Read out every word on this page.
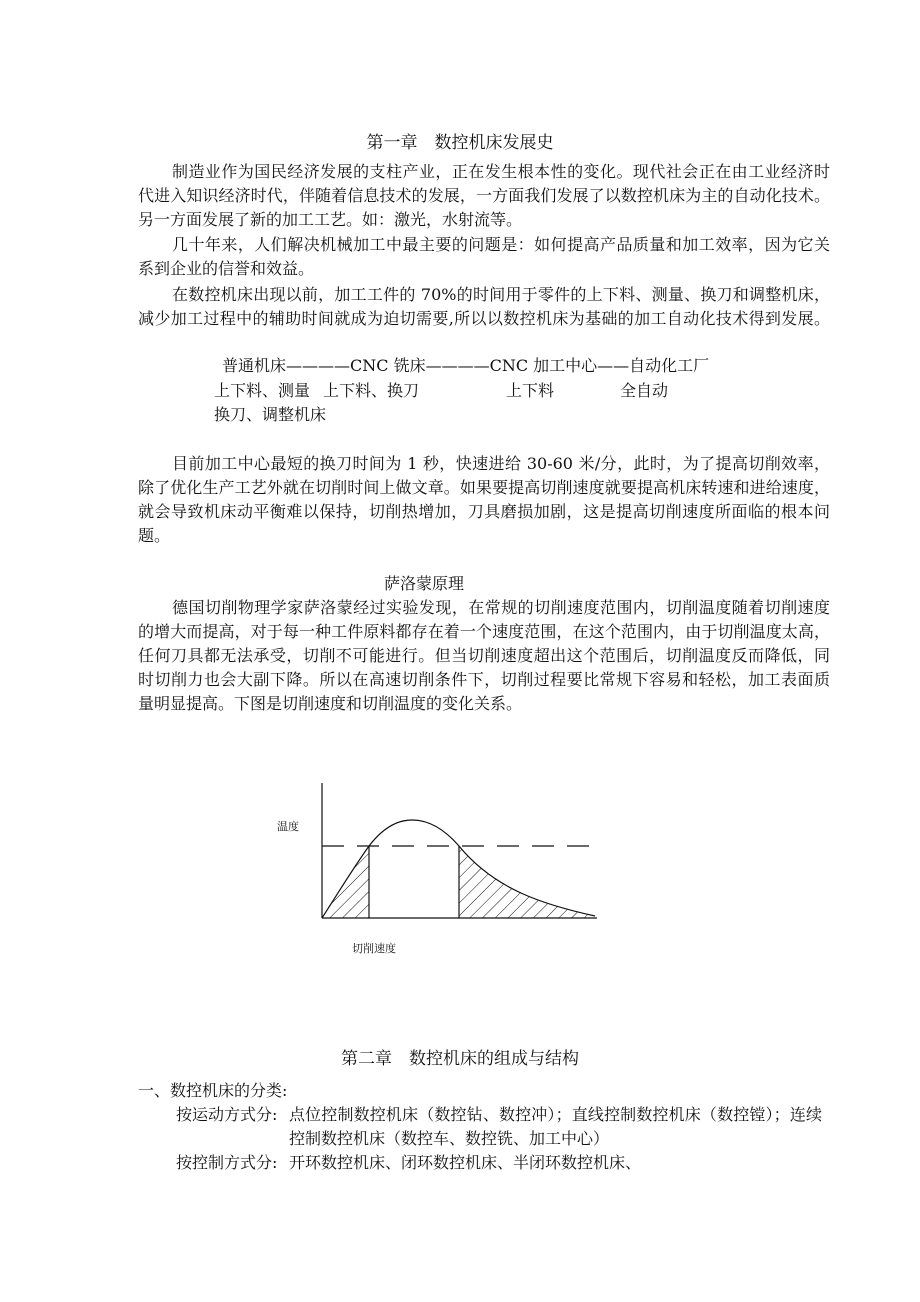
第一章　数控机床发展史
制造业作为国民经济发展的支柱产业，正在发生根本性的变化。现代社会正在由工业经济时
代进入知识经济时代，伴随着信息技术的发展，一方面我们发展了以数控机床为主的自动化技术。
另一方面发展了新的加工工艺。如：激光，水射流等。
几十年来，人们解决机械加工中最主要的问题是：如何提高产品质量和加工效率，因为它关
系到企业的信誉和效益。
在数控机床出现以前，加工工件的 70%的时间用于零件的上下料、测量、换刀和调整机床，
减少加工过程中的辅助时间就成为迫切需要,所以以数控机床为基础的加工自动化技术得到发展。
普通机床————CNC 铣床————CNC 加工中心——自动化工厂
上下料、测量 上下料、换刀	上下料	全自动
换刀、调整机床
目前加工中心最短的换刀时间为 1 秒，快速进给 30-60 米/分，此时，为了提高切削效率，
除了优化生产工艺外就在切削时间上做文章。如果要提高切削速度就要提高机床转速和进给速度，
就会导致机床动平衡难以保持，切削热增加，刀具磨损加剧，这是提高切削速度所面临的根本问
题。
萨洛蒙原理
德国切削物理学家萨洛蒙经过实验发现，在常规的切削速度范围内，切削温度随着切削速度
的增大而提高，对于每一种工件原料都存在着一个速度范围，在这个范围内，由于切削温度太高，
任何刀具都无法承受，切削不可能进行。但当切削速度超出这个范围后，切削温度反而降低，同
时切削力也会大副下降。所以在高速切削条件下，切削过程要比常规下容易和轻松，加工表面质
量明显提高。下图是切削速度和切削温度的变化关系。
温度
切削速度
第二章　数控机床的组成与结构
一、数控机床的分类:
按运动方式分: 点位控制数控机床（数控钻、数控冲）；直线控制数控机床（数控镗）；连续
控制数控机床（数控车、数控铣、加工中心）
按控制方式分: 开环数控机床、闭环数控机床、半闭环数控机床、
